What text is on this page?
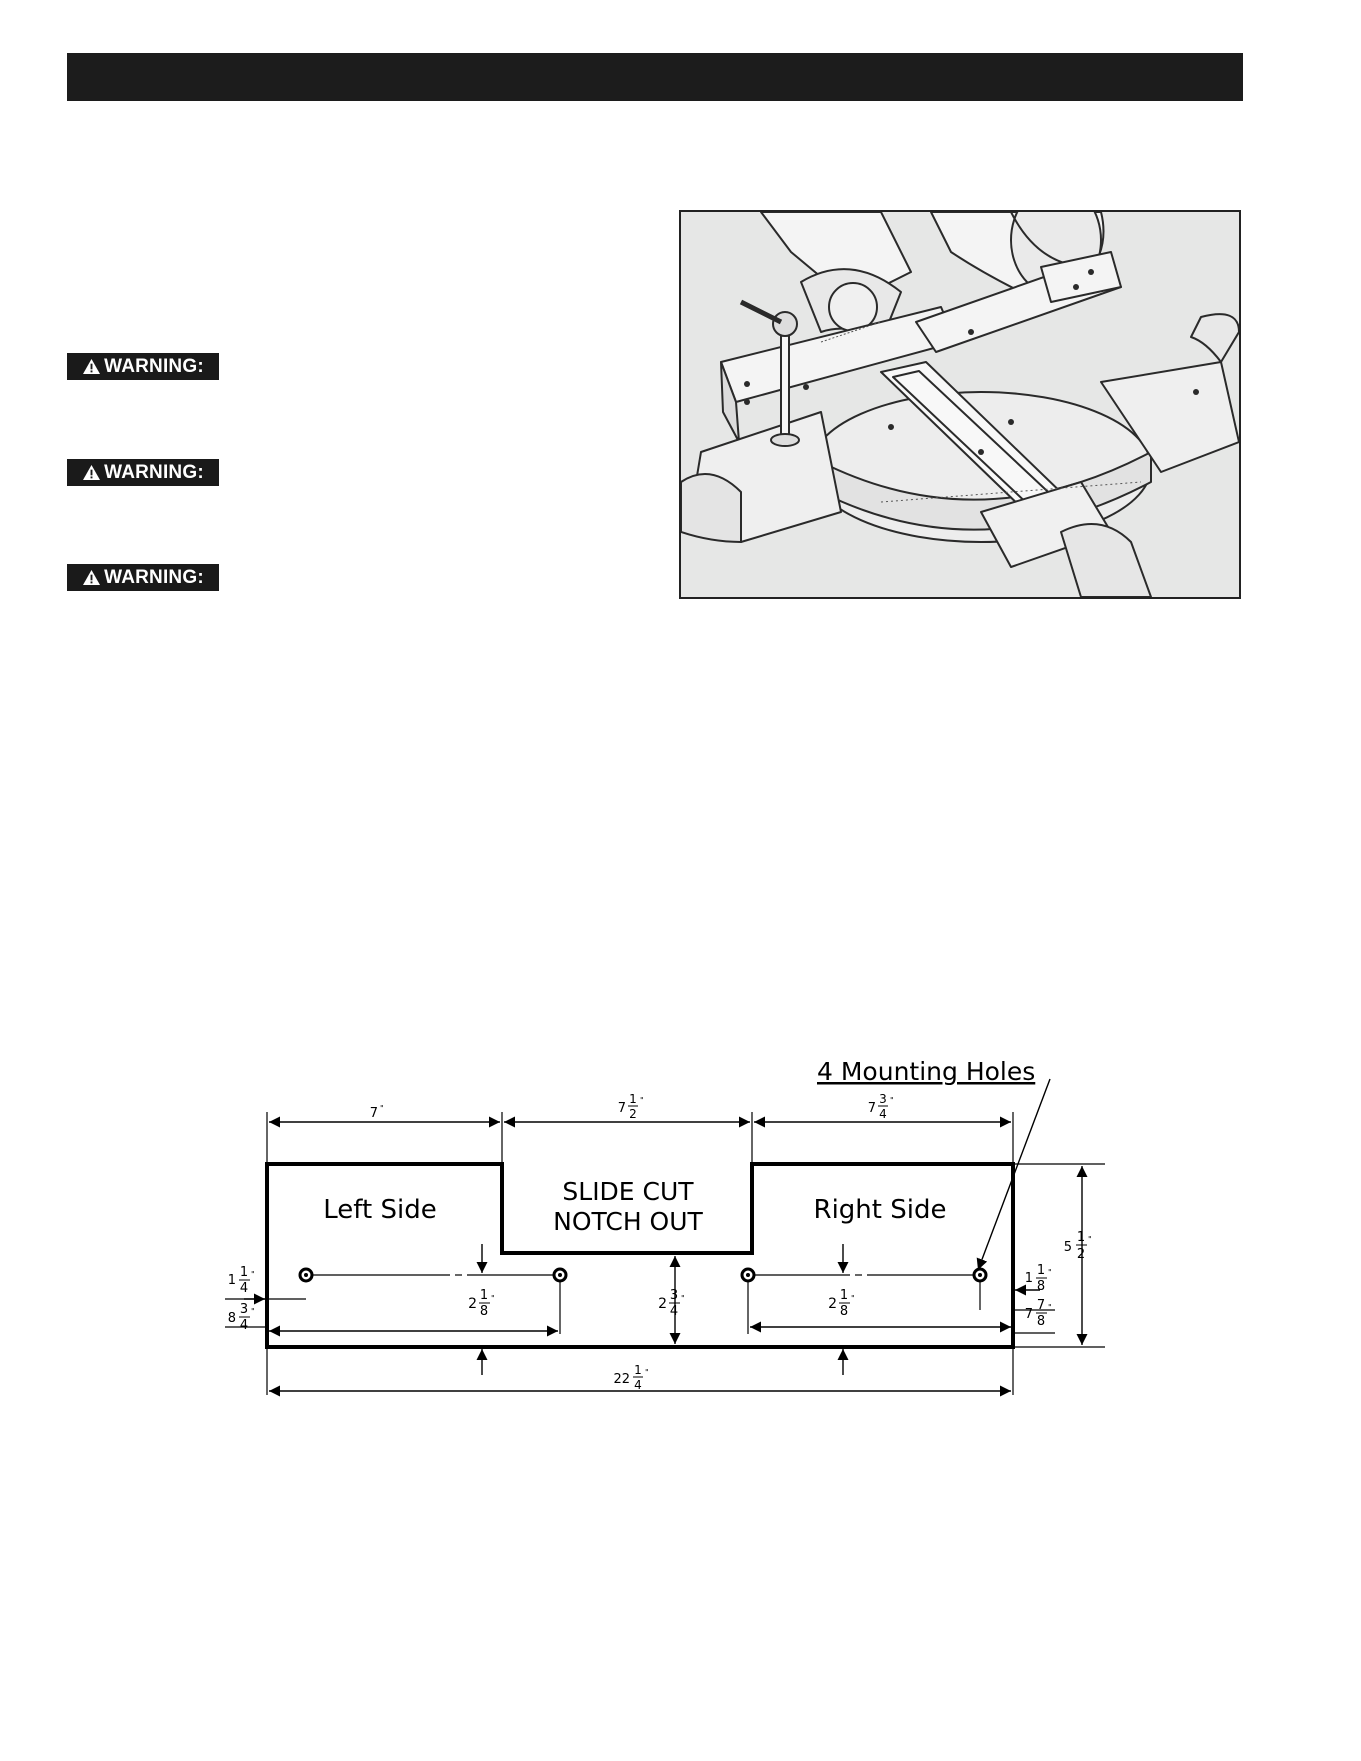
WARNING:
WARNING:
WARNING:
4 Mounting Holes
Left Side	Right Side
SLIDE CUT
NOTCH OUT
7 "	7
1
2
"
7
3
4
"
5
1
2
"
1
1
4
"
8
3
4
"	2
1
8
"	2
3
4
"	2
1
8
"
1
1
8
"
7
7
8
"
22
1
4
"
